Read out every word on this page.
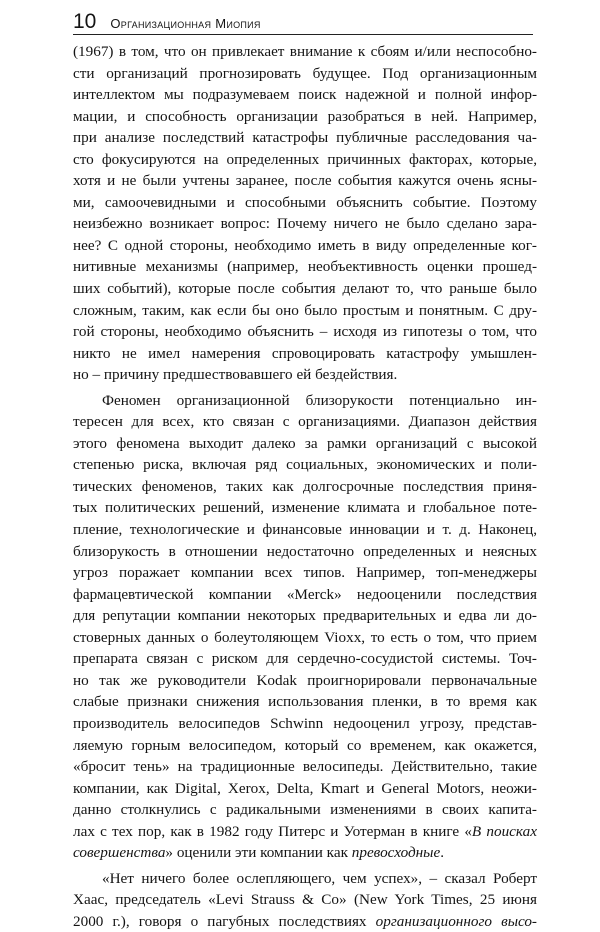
10 Организационная Миопия
(1967) в том, что он привлекает внимание к сбоям и/или неспособно-
сти организаций прогнозировать будущее. Под организационным
интеллектом мы подразумеваем поиск надежной и полной инфор-
мации, и способность организации разобраться в ней. Например,
при анализе последствий катастрофы публичные расследования ча-
сто фокусируются на определенных причинных факторах, которые,
хотя и не были учтены заранее, после события кажутся очень ясны-
ми, самоочевидными и способными объяснить событие. Поэтому
неизбежно возникает вопрос: Почему ничего не было сделано зара-
нее? С одной стороны, необходимо иметь в виду определенные ког-
нитивные механизмы (например, необъективность оценки прошед-
ших событий), которые после события делают то, что раньше было
сложным, таким, как если бы оно было простым и понятным. С дру-
гой стороны, необходимо объяснить – исходя из гипотезы о том, что
никто не имел намерения спровоцировать катастрофу умышлен-
но – причину предшествовавшего ей бездействия.
Феномен организационной близорукости потенциально ин-
тересен для всех, кто связан с организациями. Диапазон действия
этого феномена выходит далеко за рамки организаций с высокой
степенью риска, включая ряд социальных, экономических и поли-
тических феноменов, таких как долгосрочные последствия приня-
тых политических решений, изменение климата и глобальное поте-
пление, технологические и финансовые инновации и т. д. Наконец,
близорукость в отношении недостаточно определенных и неясных
угроз поражает компании всех типов. Например, топ-менеджеры
фармацевтической компании «Merck» недооценили последствия
для репутации компании некоторых предварительных и едва ли до-
стоверных данных о болеутоляющем Vioxx, то есть о том, что прием
препарата связан с риском для сердечно-сосудистой системы. Точ-
но так же руководители Kodak проигнорировали первоначальные
слабые признаки снижения использования пленки, в то время как
производитель велосипедов Schwinn недооценил угрозу, представ-
ляемую горным велосипедом, который со временем, как окажется,
«бросит тень» на традиционные велосипеды. Действительно, такие
компании, как Digital, Xerox, Delta, Kmart и General Motors, неожи-
данно столкнулись с радикальными изменениями в своих капита-
лах с тех пор, как в 1982 году Питерс и Уотерман в книге «В поисках
совершенства» оценили эти компании как превосходные.
«Нет ничего более ослепляющего, чем успех», – сказал Роберт
Хаас, председатель «Levi Strauss & Co» (New York Times, 25 июня
2000 г.), говоря о пагубных последствиях организационного высо-
